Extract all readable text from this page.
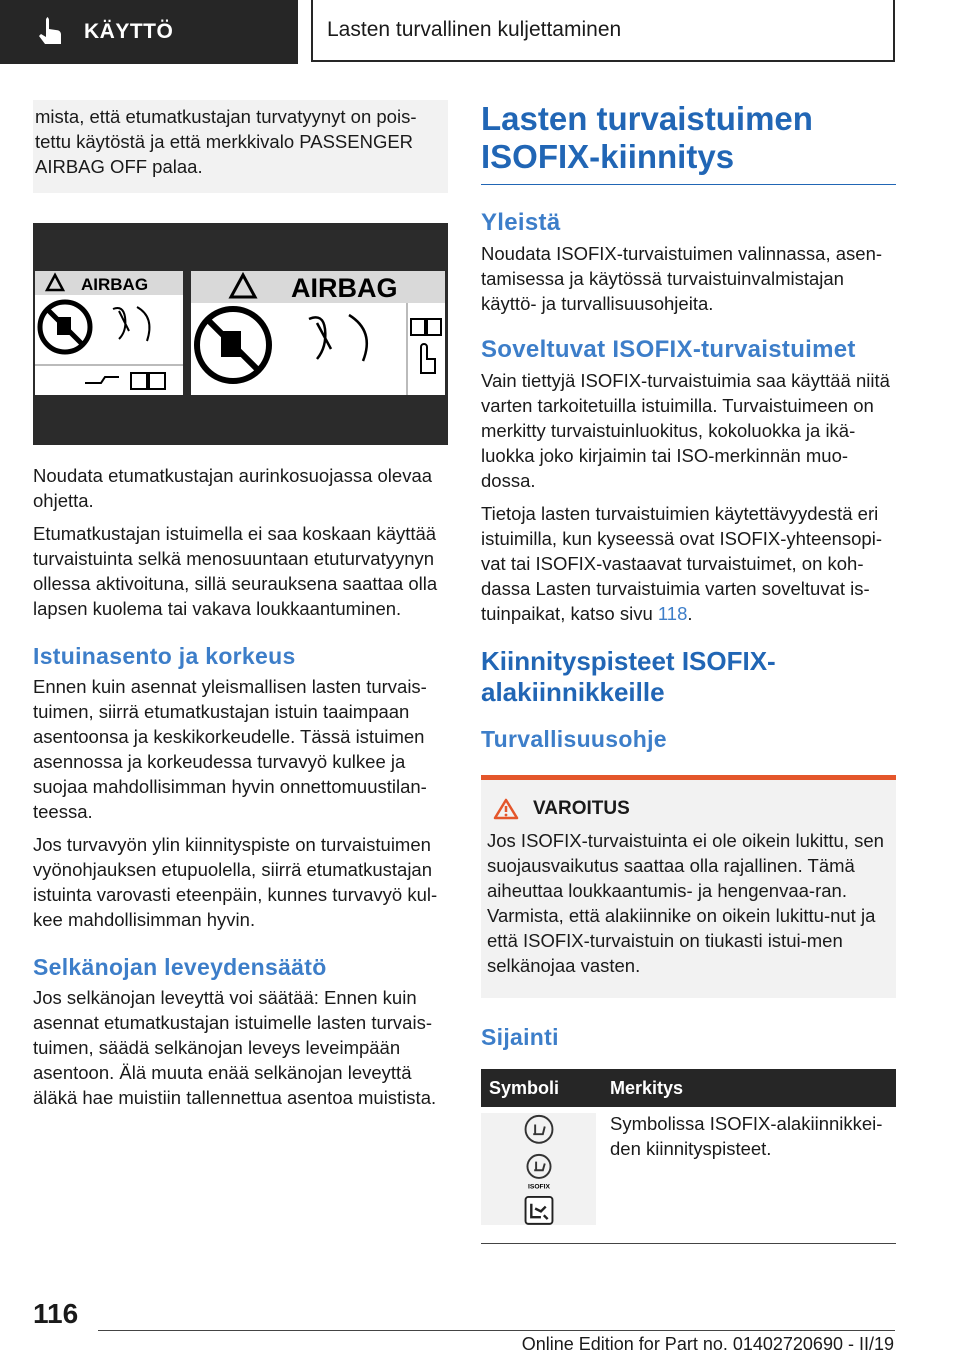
KÄYTTÖ	Lasten turvallinen kuljettaminen
mista, että etumatkustajan turvatyynyt on pois-tettu käytöstä ja että merkkivalo PASSENGER AIRBAG OFF palaa.
AIRBAG	AIRBAG

Noudata etumatkustajan aurinkosuojassa olevaa ohjetta.

Etumatkustajan istuimella ei saa koskaan käyttää turvaistuinta selkä menosuuntaan etuturvatyynyn ollessa aktivoituna, sillä seurauksena saattaa olla lapsen kuolema tai vakava loukkaantuminen.

Istuinasento ja korkeus

Ennen kuin asennat yleismallisen lasten turvais-tuimen, siirrä etumatkustajan istuin taaimpaan asentoonsa ja keskikorkeudelle. Tässä istuimen asennossa ja korkeudessa turvavyö kulkee ja suojaa mahdollisimman hyvin onnettomuustilan-teessa.

Jos turvavyön ylin kiinnityspiste on turvaistuimen vyönohjauksen etupuolella, siirrä etumatkustajan istuinta varovasti eteenpäin, kunnes turvavyö kul-kee mahdollisimman hyvin.

Selkänojan leveydensäätö

Jos selkänojan leveyttä voi säätää: Ennen kuin asennat etumatkustajan istuimelle lasten turvais-tuimen, säädä selkänojan leveys leveimpään asentoon. Älä muuta enää selkänojan leveyttä äläkä hae muistiin tallennettua asentoa muistista.

Lasten turvaistuimen ISOFIX-kiinnitys
Yleistä

Noudata ISOFIX-turvaistuimen valinnassa, asen-tamisessa ja käytössä turvaistuinvalmistajan käyttö- ja turvallisuusohjeita.

Soveltuvat ISOFIX-turvaistuimet

Vain tiettyjä ISOFIX-turvaistuimia saa käyttää niitä varten tarkoitetuilla istuimilla. Turvaistuimeen on merkitty turvaistuinluokitus, kokoluokka ja ikä-luokka joko kirjaimin tai ISO-merkinnän muo-dossa.

Tietoja lasten turvaistuimien käytettävyydestä eri istuimilla, kun kyseessä ovat ISOFIX-yhteensopi-vat tai ISOFIX-vastaavat turvaistuimet, on koh-dassa Lasten turvaistuimia varten soveltuvat is-tuinpaikat, katso sivu 118.

Kiinnityspisteet ISOFIX-alakiinnikkeille
Turvallisuusohje
VAROITUS

Jos ISOFIX-turvaistuinta ei ole oikein lukittu, sen suojausvaikutus saattaa olla rajallinen. Tämä aiheuttaa loukkaantumis- ja hengenvaa-ran. Varmista, että alakiinnike on oikein lukittu-nut ja että ISOFIX-turvaistuin on tiukasti istui-men selkänojaa vasten.

Sijainti
Symboli	Merkitys

ISOFIX	Symbolissa ISOFIX-alakiinnikkei-den kiinnityspisteet.
116
Online Edition for Part no. 01402720690 - II/19
